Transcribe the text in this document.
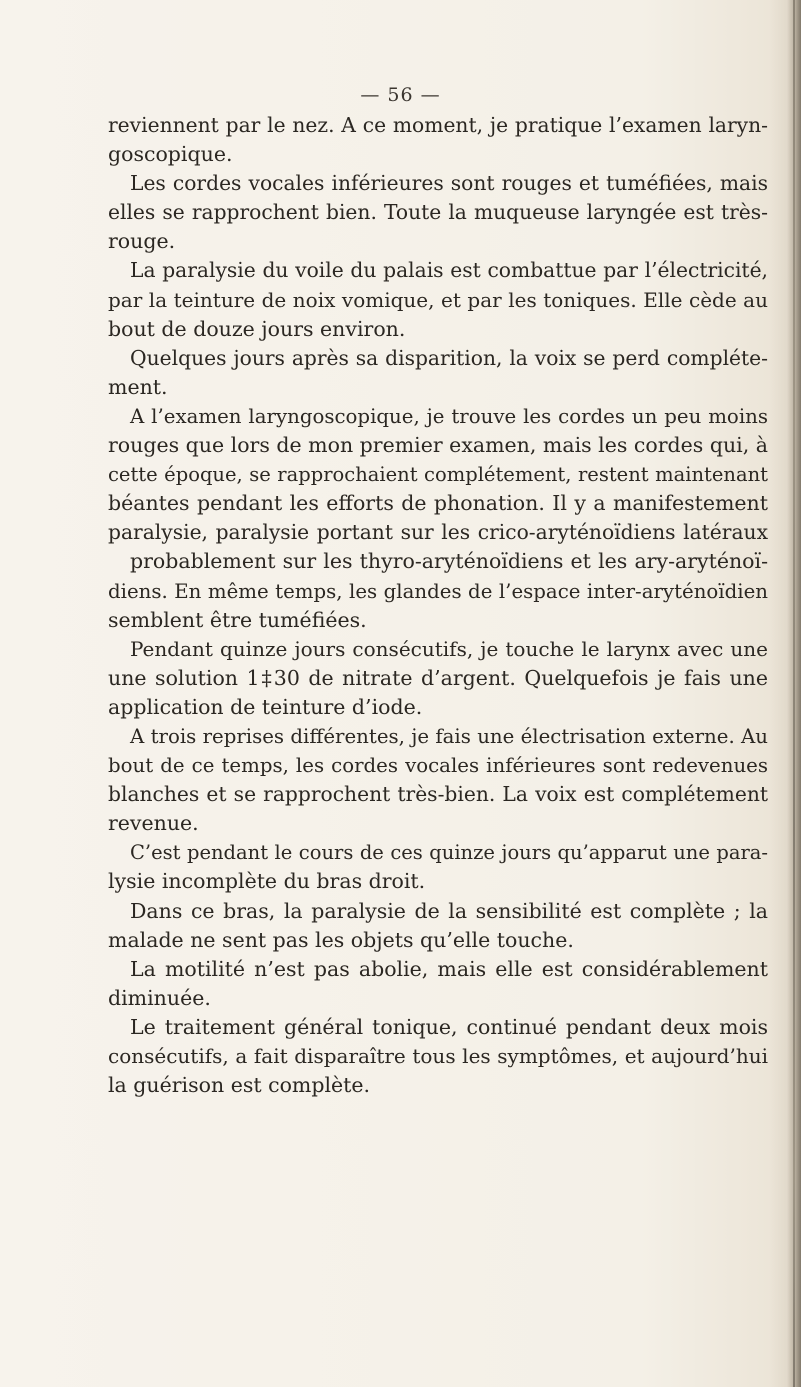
— 56 —
reviennent par le nez. A ce moment, je pratique l’examen laryn-
goscopique.
Les cordes vocales inférieures sont rouges et tuméfiées, mais
elles se rapprochent bien. Toute la muqueuse laryngée est très-
rouge.
La paralysie du voile du palais est combattue par l’électricité,
par la teinture de noix vomique, et par les toniques. Elle cède au
bout de douze jours environ.
Quelques jours après sa disparition, la voix se perd compléte-
ment.
A l’examen laryngoscopique, je trouve les cordes un peu moins
rouges que lors de mon premier examen, mais les cordes qui, à
cette époque, se rapprochaient complétement, restent maintenant
béantes pendant les efforts de phonation. Il y a manifestement
paralysie, paralysie portant sur les crico-aryténoïdiens latéraux
probablement sur les thyro-aryténoïdiens et les ary-aryténoï-
diens. En même temps, les glandes de l’espace inter-aryténoïdien
semblent être tuméfiées.
Pendant quinze jours consécutifs, je touche le larynx avec une
une solution 1‡30 de nitrate d’argent. Quelquefois je fais une
application de teinture d’iode.
A trois reprises différentes, je fais une électrisation externe. Au
bout de ce temps, les cordes vocales inférieures sont redevenues
blanches et se rapprochent très-bien. La voix est complétement
revenue.
C’est pendant le cours de ces quinze jours qu’apparut une para-
lysie incomplète du bras droit.
Dans ce bras, la paralysie de la sensibilité est complète ; la
malade ne sent pas les objets qu’elle touche.
La motilité n’est pas abolie, mais elle est considérablement
diminuée.
Le traitement général tonique, continué pendant deux mois
consécutifs, a fait disparaître tous les symptômes, et aujourd’hui
la guérison est complète.
